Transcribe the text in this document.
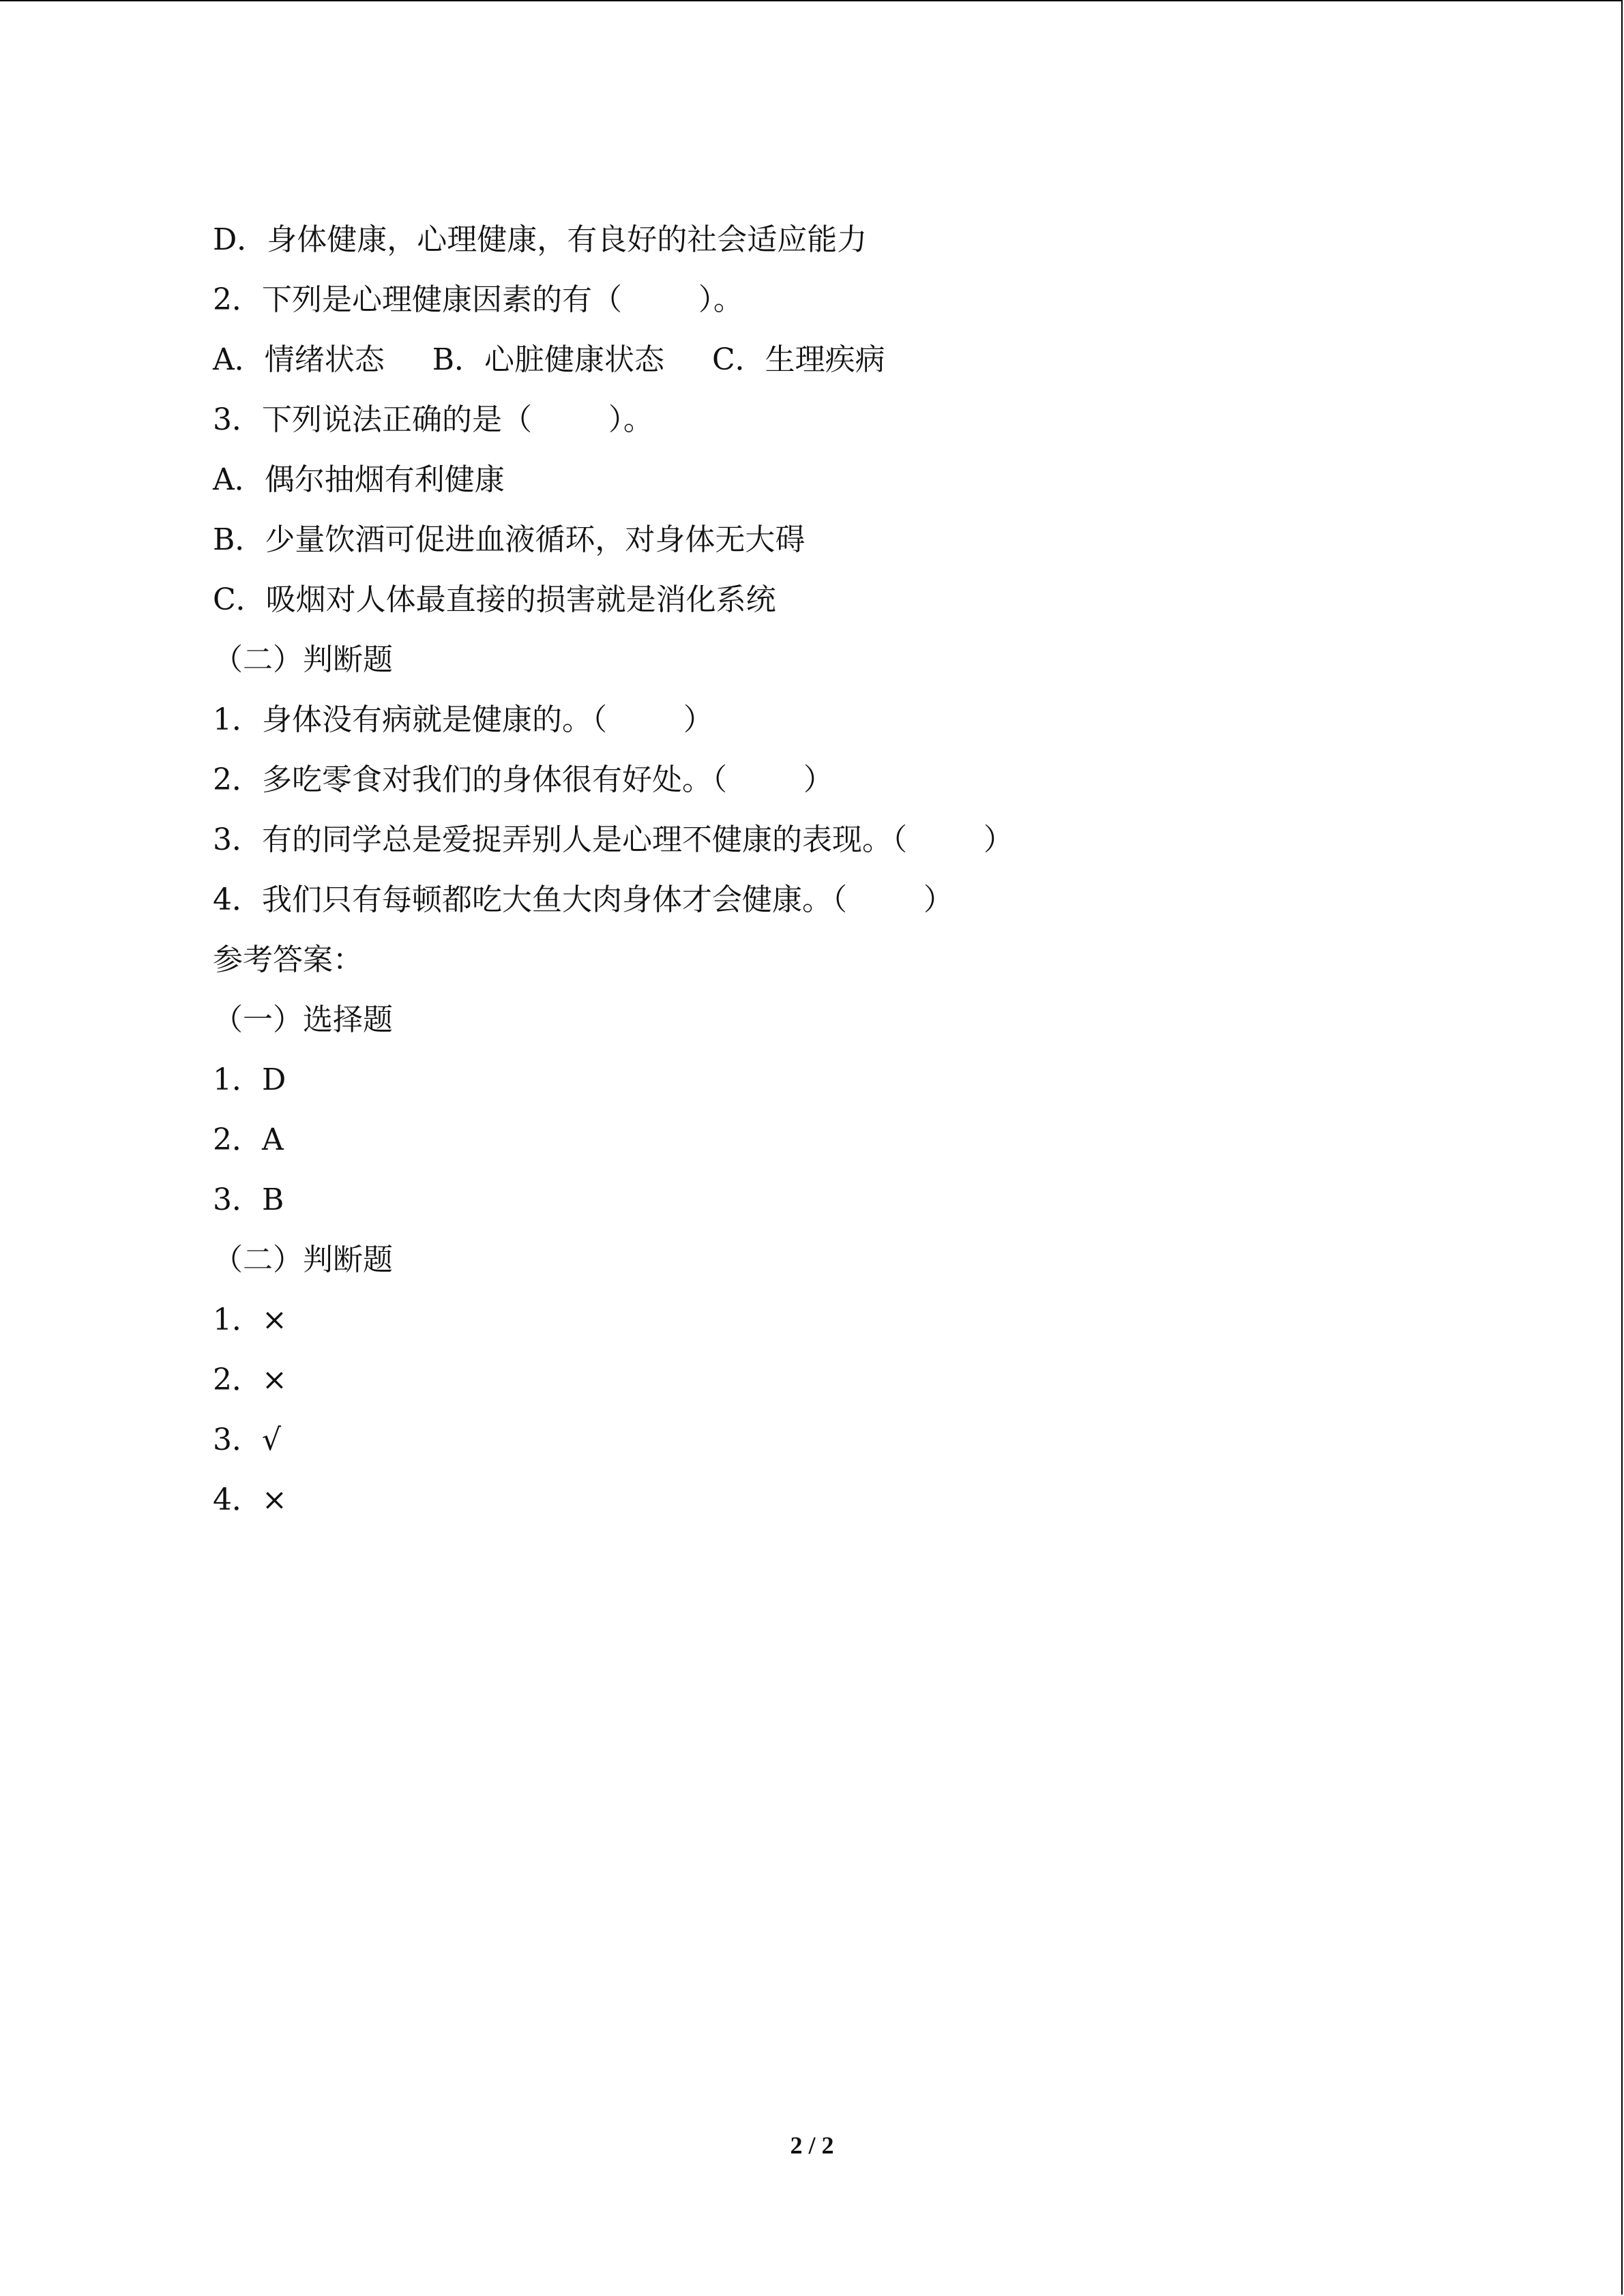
D．身体健康，心理健康，有良好的社会适应能力
2．下列是心理健康因素的有（        ）。
A．情绪状态     B．心脏健康状态     C．生理疾病
3．下列说法正确的是（        ）。
A．偶尔抽烟有利健康
B．少量饮酒可促进血液循环，对身体无大碍
C．吸烟对人体最直接的损害就是消化系统
（二）判断题
1．身体没有病就是健康的。（        ）
2．多吃零食对我们的身体很有好处。（        ）
3．有的同学总是爱捉弄别人是心理不健康的表现。（        ）
4．我们只有每顿都吃大鱼大肉身体才会健康。（        ）
参考答案：
（一）选择题
1．D
2．A
3．B
（二）判断题
1．×
2．×
3．√
4．×
2 / 2
